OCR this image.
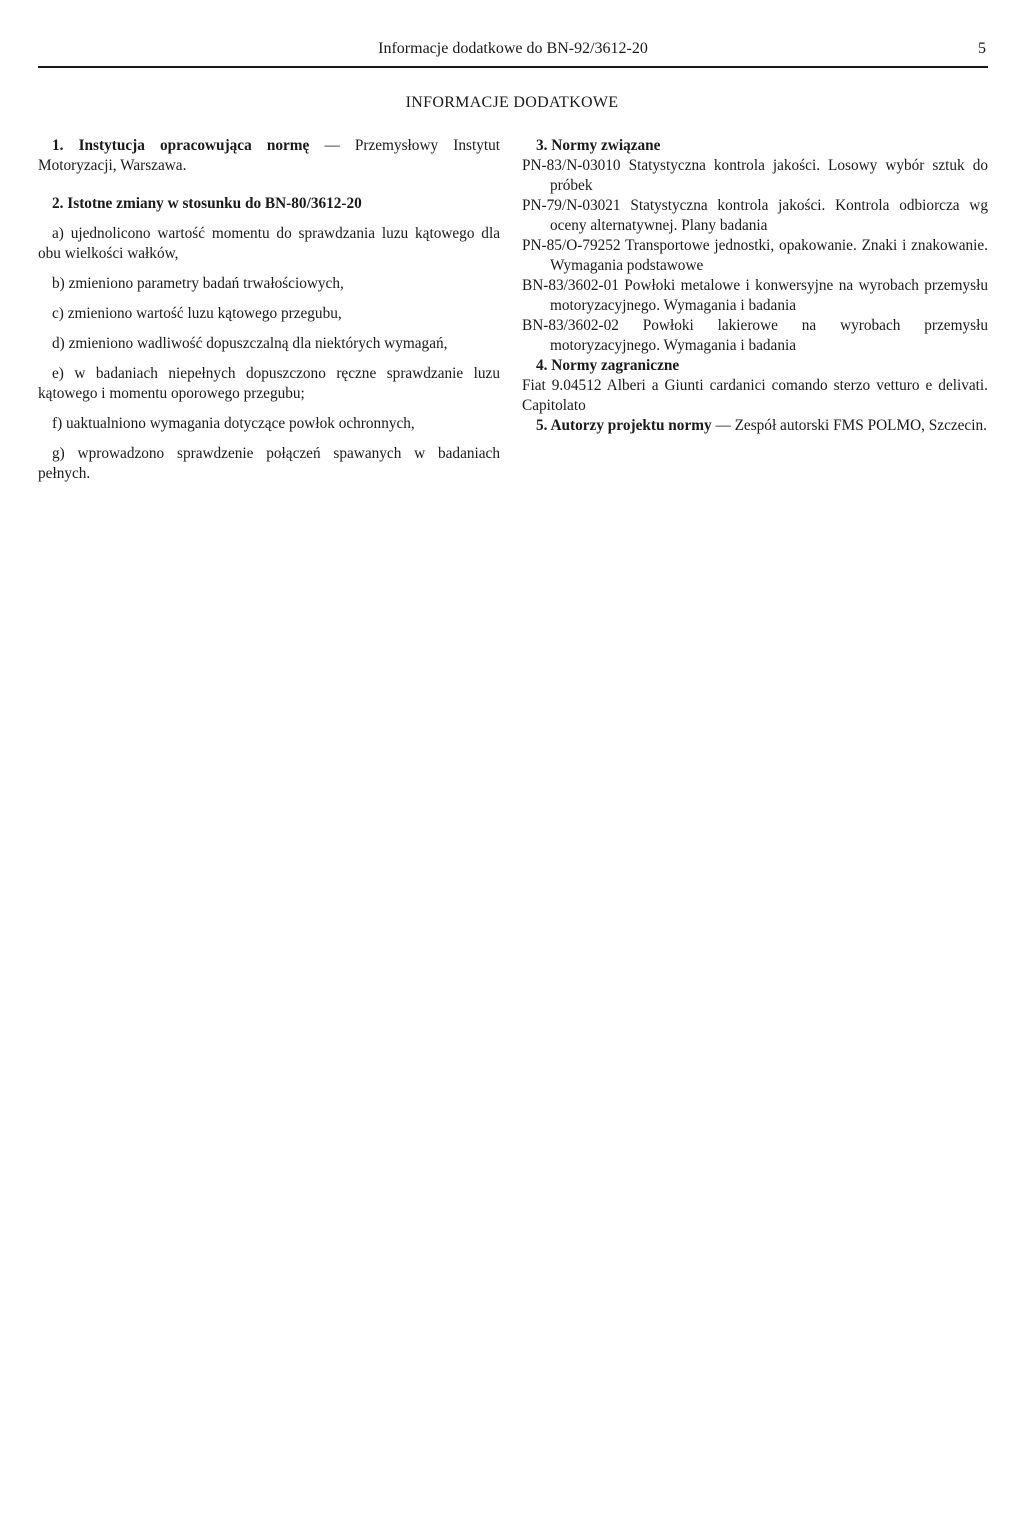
Informacje dodatkowe do BN-92/3612-20	5
INFORMACJE DODATKOWE

1. Instytucja opracowująca normę — Przemysłowy Instytut Motoryzacji, Warszawa.

2. Istotne zmiany w stosunku do BN-80/3612-20

a) ujednolicono wartość momentu do sprawdzania luzu kątowego dla obu wielkości wałków,

b) zmieniono parametry badań trwałościowych,

c) zmieniono wartość luzu kątowego przegubu,

d) zmieniono wadliwość dopuszczalną dla niektórych wymagań,

e) w badaniach niepełnych dopuszczono ręczne sprawdzanie luzu kątowego i momentu oporowego przegubu;

f) uaktualniono wymagania dotyczące powłok ochronnych,

g) wprowadzono sprawdzenie połączeń spawanych w badaniach pełnych.

3. Normy związane

PN-83/N-03010 Statystyczna kontrola jakości. Losowy wybór sztuk do próbek

PN-79/N-03021 Statystyczna kontrola jakości. Kontrola odbiorcza wg oceny alternatywnej. Plany badania

PN-85/O-79252 Transportowe jednostki, opakowanie. Znaki i znakowanie. Wymagania podstawowe

BN-83/3602-01 Powłoki metalowe i konwersyjne na wyrobach przemysłu motoryzacyjnego. Wymagania i badania

BN-83/3602-02 Powłoki lakierowe na wyrobach przemysłu motoryzacyjnego. Wymagania i badania

4. Normy zagraniczne

Fiat 9.04512 Alberi a Giunti cardanici comando sterzo vetturo e delivati. Capitolato

5. Autorzy projektu normy — Zespół autorski FMS POLMO, Szczecin.
